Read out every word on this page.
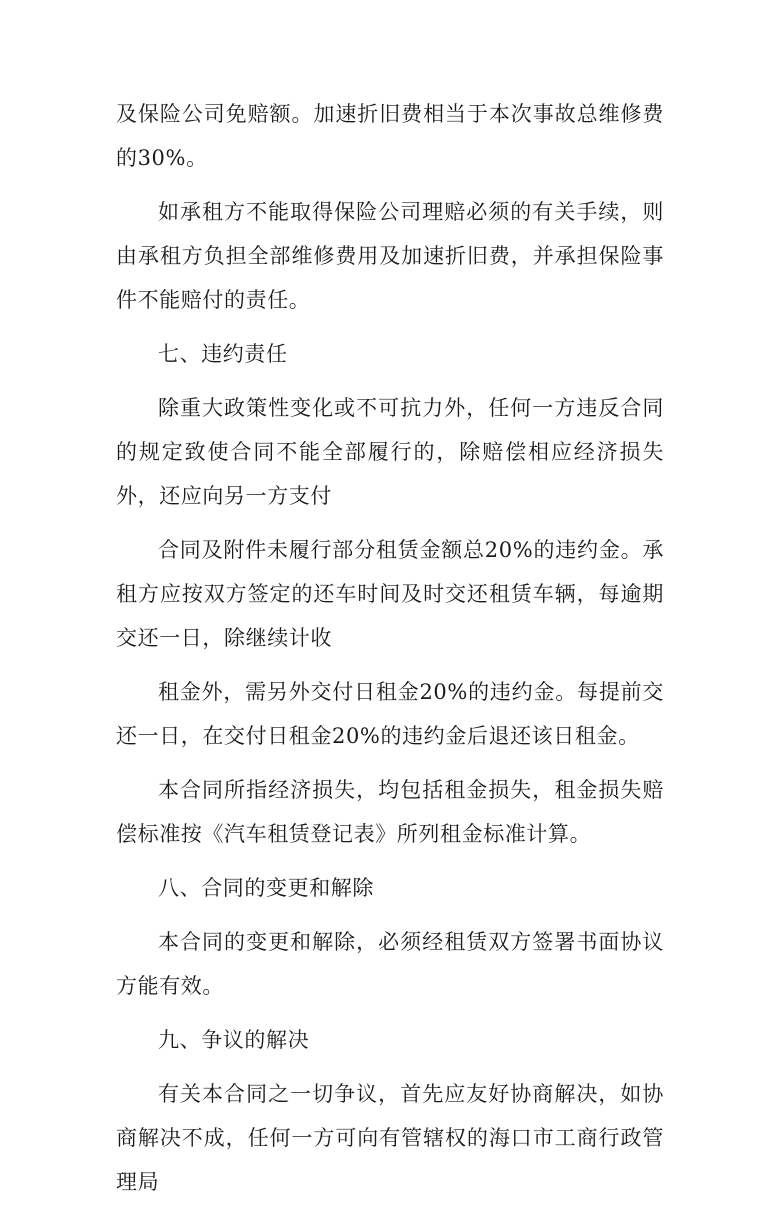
及保险公司免赔额。加速折旧费相当于本次事故总维修费的30%。

如承租方不能取得保险公司理赔必须的有关手续，则由承租方负担全部维修费用及加速折旧费，并承担保险事件不能赔付的责任。

七、违约责任

除重大政策性变化或不可抗力外，任何一方违反合同的规定致使合同不能全部履行的，除赔偿相应经济损失外，还应向另一方支付

合同及附件未履行部分租赁金额总20%的违约金。承租方应按双方签定的还车时间及时交还租赁车辆，每逾期交还一日，除继续计收

租金外，需另外交付日租金20%的违约金。每提前交还一日，在交付日租金20%的违约金后退还该日租金。

本合同所指经济损失，均包括租金损失，租金损失赔偿标准按《汽车租赁登记表》所列租金标准计算。

八、合同的变更和解除

本合同的变更和解除，必须经租赁双方签署书面协议方能有效。

九、争议的解决

有关本合同之一切争议，首先应友好协商解决，如协商解决不成，任何一方可向有管辖权的海口市工商行政管理局
